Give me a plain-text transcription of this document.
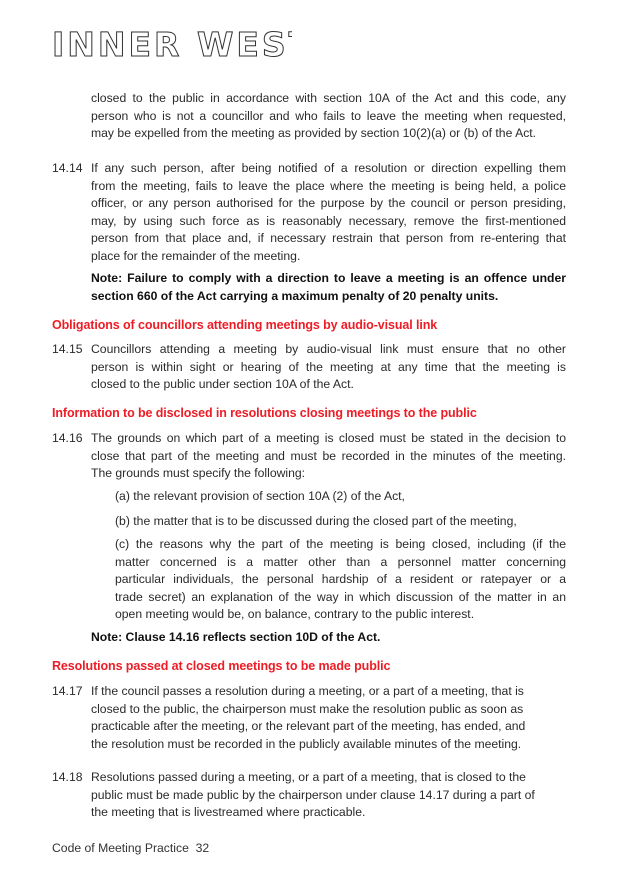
INNER WEST
closed to the public in accordance with section 10A of the Act and this code, any
person who is not a councillor and who fails to leave the meeting when requested,
may be expelled from the meeting as provided by section 10(2)(a) or (b) of the Act.
14.14 If any such person, after being notified of a resolution or direction expelling them
from the meeting, fails to leave the place where the meeting is being held, a police
officer, or any person authorised for the purpose by the council or person presiding,
may, by using such force as is reasonably necessary, remove the first-mentioned
person from that place and, if necessary restrain that person from re-entering that
place for the remainder of the meeting.
Note: Failure to comply with a direction to leave a meeting is an offence under
section 660 of the Act carrying a maximum penalty of 20 penalty units.
14.15 Councillors attending a meeting by audio-visual link must ensure that no other
person is within sight or hearing of the meeting at any time that the meeting is
closed to the public under section 10A of the Act.
14.16 The grounds on which part of a meeting is closed must be stated in the decision to
close that part of the meeting and must be recorded in the minutes of the meeting.
The grounds must specify the following:
(a) the relevant provision of section 10A (2) of the Act,
(b) the matter that is to be discussed during the closed part of the meeting,
(c) the reasons why the part of the meeting is being closed, including (if the
matter concerned is a matter other than a personnel matter concerning
particular individuals, the personal hardship of a resident or ratepayer or a
trade secret) an explanation of the way in which discussion of the matter in an
open meeting would be, on balance, contrary to the public interest.
Note: Clause 14.16 reflects section 10D of the Act.
14.17 If the council passes a resolution during a meeting, or a part of a meeting, that is
closed to the public, the chairperson must make the resolution public as soon as
practicable after the meeting, or the relevant part of the meeting, has ended, and
the resolution must be recorded in the publicly available minutes of the meeting.
14.18 Resolutions passed during a meeting, or a part of a meeting, that is closed to the
public must be made public by the chairperson under clause 14.17 during a part of
the meeting that is livestreamed where practicable.
Obligations of councillors attending meetings by audio-visual link
Information to be disclosed in resolutions closing meetings to the public
Resolutions passed at closed meetings to be made public
Code of Meeting Practice 32
